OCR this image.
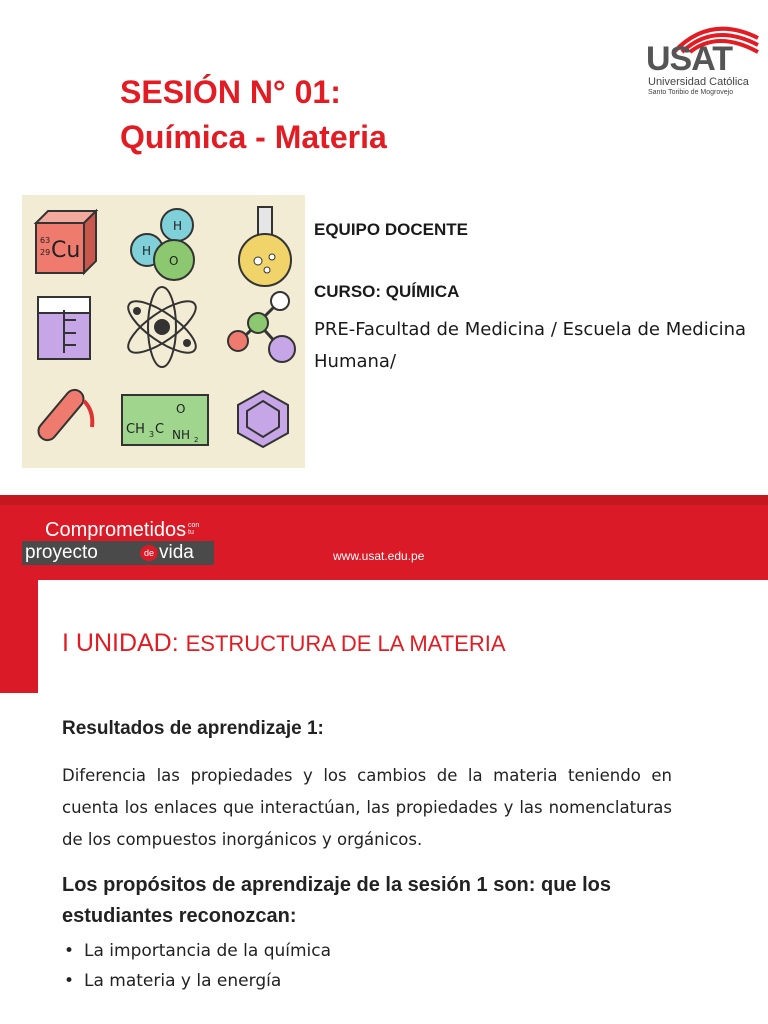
SESIÓN N° 01:
Química - Materia
USAT
Universidad Católica
Santo Toribio de Mogrovejo
63
29 Cu
H
H
O
CH 3 C
O
NH 2
EQUIPO DOCENTE
CURSO: QUÍMICA
PRE-Facultad de Medicina / Escuela de Medicina Humana/
Comprometidos con
tu
proyecto	de vida	www.usat.edu.pe
I UNIDAD: ESTRUCTURA DE LA MATERIA
Resultados de aprendizaje 1:
Diferencia las propiedades y los cambios de la materia teniendo en cuenta los enlaces que interactúan, las propiedades y las nomenclaturas de los compuestos inorgánicos y orgánicos.
Los propósitos de aprendizaje de la sesión 1 son: que los estudiantes reconozcan:
• La importancia de la química
• La materia y la energía
